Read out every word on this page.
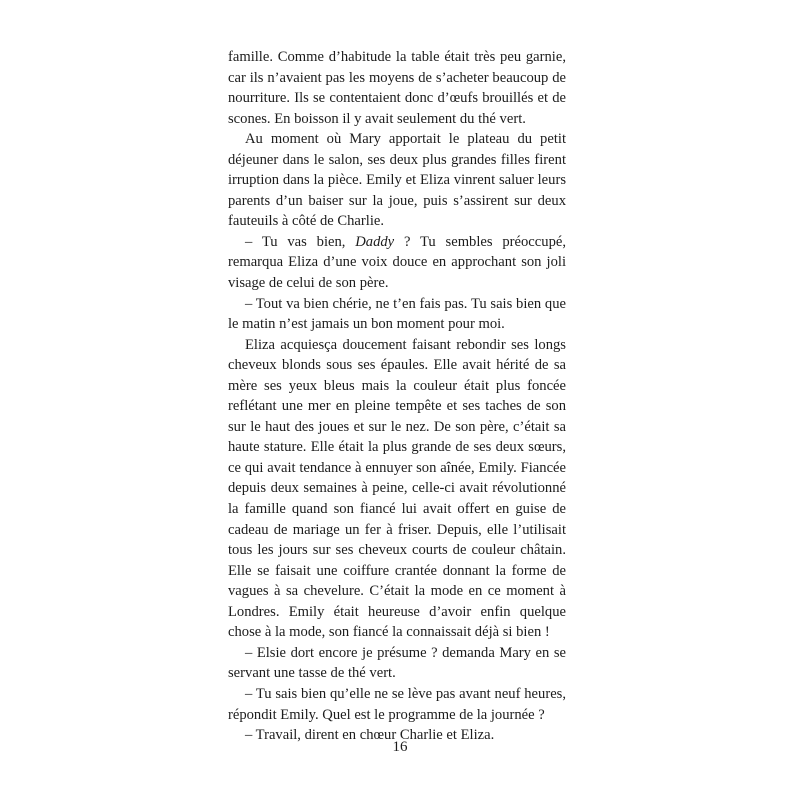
famille. Comme d’habitude la table était très peu garnie, car ils n’avaient pas les moyens de s’acheter beaucoup de nourriture. Ils se contentaient donc d’œufs brouillés et de scones. En boisson il y avait seulement du thé vert.

Au moment où Mary apportait le plateau du petit déjeuner dans le salon, ses deux plus grandes filles firent irruption dans la pièce. Emily et Eliza vinrent saluer leurs parents d’un baiser sur la joue, puis s’assirent sur deux fauteuils à côté de Charlie.

– Tu vas bien, Daddy ? Tu sembles préoccupé, remarqua Eliza d’une voix douce en approchant son joli visage de celui de son père.

– Tout va bien chérie, ne t’en fais pas. Tu sais bien que le matin n’est jamais un bon moment pour moi.

Eliza acquiesça doucement faisant rebondir ses longs cheveux blonds sous ses épaules. Elle avait hérité de sa mère ses yeux bleus mais la couleur était plus foncée reflétant une mer en pleine tempête et ses taches de son sur le haut des joues et sur le nez. De son père, c’était sa haute stature. Elle était la plus grande de ses deux sœurs, ce qui avait tendance à ennuyer son aînée, Emily. Fiancée depuis deux semaines à peine, celle-ci avait révolutionné la famille quand son fiancé lui avait offert en guise de cadeau de mariage un fer à friser. Depuis, elle l’utilisait tous les jours sur ses cheveux courts de couleur châtain. Elle se faisait une coiffure crantée donnant la forme de vagues à sa chevelure. C’était la mode en ce moment à Londres. Emily était heureuse d’avoir enfin quelque chose à la mode, son fiancé la connaissait déjà si bien !

– Elsie dort encore je présume ? demanda Mary en se servant une tasse de thé vert.

– Tu sais bien qu’elle ne se lève pas avant neuf heures, répondit Emily. Quel est le programme de la journée ?

– Travail, dirent en chœur Charlie et Eliza.

16
